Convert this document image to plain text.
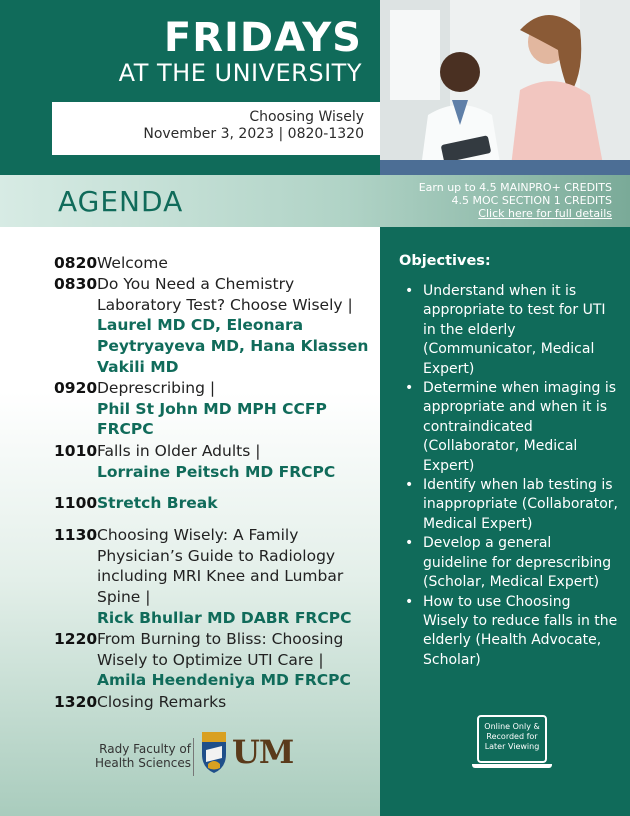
FRIDAYS
AT THE UNIVERSITY
Choosing Wisely
November 3, 2023 | 0820-1320
AGENDA	Earn up to 4.5 MAINPRO+ CREDITS
4.5 MOC SECTION 1 CREDITS
Click here for full details
0820 Welcome
0830 Do You Need a Chemistry Laboratory Test? Choose Wisely |
Laurel MD CD, Eleonara Peytryayeva MD, Hana Klassen Vakili MD
0920 Deprescribing |
Phil St John MD MPH CCFP FRCPC
1010 Falls in Older Adults |
Lorraine Peitsch MD FRCPC
1100 Stretch Break
1130 Choosing Wisely: A Family Physician’s Guide to Radiology including MRI Knee and Lumbar Spine |
Rick Bhullar MD DABR FRCPC
1220 From Burning to Bliss: Choosing Wisely to Optimize UTI Care |
Amila Heendeniya MD FRCPC
1320 Closing Remarks
Rady Faculty of
Health Sciences UM
Objectives:
• Understand when it is appropriate to test for UTI in the elderly (Communicator, Medical Expert)
• Determine when imaging is appropriate and when it is contraindicated (Collaborator, Medical Expert)
• Identify when lab testing is inappropriate (Collaborator, Medical Expert)
• Develop a general guideline for deprescribing (Scholar, Medical Expert)
• How to use Choosing Wisely to reduce falls in the elderly (Health Advocate, Scholar)
Online Only &
Recorded for
Later Viewing
